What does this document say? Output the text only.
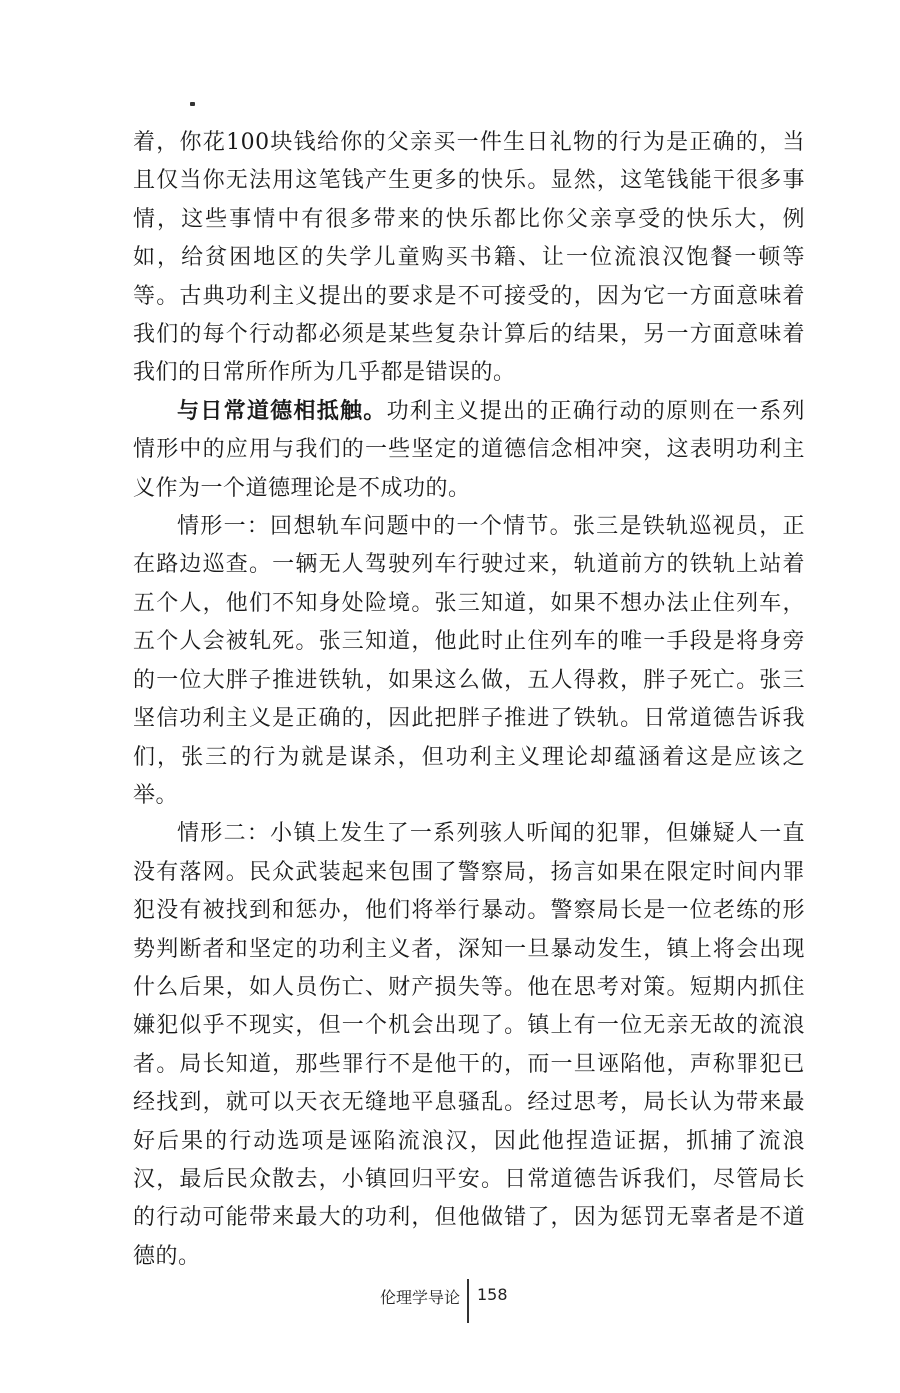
着，你花100块钱给你的父亲买一件生日礼物的行为是正确的，当且仅当你无法用这笔钱产生更多的快乐。显然，这笔钱能干很多事情，这些事情中有很多带来的快乐都比你父亲享受的快乐大，例如，给贫困地区的失学儿童购买书籍、让一位流浪汉饱餐一顿等等。古典功利主义提出的要求是不可接受的，因为它一方面意味着我们的每个行动都必须是某些复杂计算后的结果，另一方面意味着我们的日常所作所为几乎都是错误的。

与日常道德相抵触。功利主义提出的正确行动的原则在一系列情形中的应用与我们的一些坚定的道德信念相冲突，这表明功利主义作为一个道德理论是不成功的。

情形一：回想轨车问题中的一个情节。张三是铁轨巡视员，正在路边巡查。一辆无人驾驶列车行驶过来，轨道前方的铁轨上站着五个人，他们不知身处险境。张三知道，如果不想办法止住列车，五个人会被轧死。张三知道，他此时止住列车的唯一手段是将身旁的一位大胖子推进铁轨，如果这么做，五人得救，胖子死亡。张三坚信功利主义是正确的，因此把胖子推进了铁轨。日常道德告诉我们，张三的行为就是谋杀，但功利主义理论却蕴涵着这是应该之举。

情形二：小镇上发生了一系列骇人听闻的犯罪，但嫌疑人一直没有落网。民众武装起来包围了警察局，扬言如果在限定时间内罪犯没有被找到和惩办，他们将举行暴动。警察局长是一位老练的形势判断者和坚定的功利主义者，深知一旦暴动发生，镇上将会出现什么后果，如人员伤亡、财产损失等。他在思考对策。短期内抓住嫌犯似乎不现实，但一个机会出现了。镇上有一位无亲无故的流浪者。局长知道，那些罪行不是他干的，而一旦诬陷他，声称罪犯已经找到，就可以天衣无缝地平息骚乱。经过思考，局长认为带来最好后果的行动选项是诬陷流浪汉，因此他捏造证据，抓捕了流浪汉，最后民众散去，小镇回归平安。日常道德告诉我们，尽管局长的行动可能带来最大的功利，但他做错了，因为惩罚无辜者是不道德的。

伦理学导论 158
